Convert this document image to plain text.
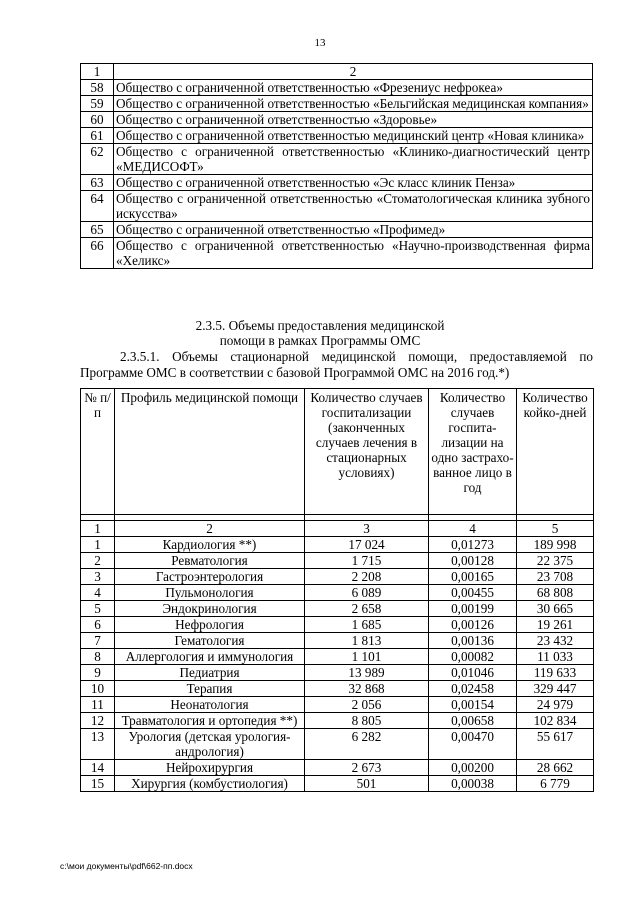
13
1	2
58	Общество с ограниченной ответственностью «Фрезениус нефрокеа»
59	Общество с ограниченной ответственностью «Бельгийская медицинская компания»
60	Общество с ограниченной ответственностью «Здоровье»
61	Общество с ограниченной ответственностью медицинский центр «Новая клиника»
62	Общество с ограниченной ответственностью «Клинико-диагностический центр «МЕДИСОФТ»
63	Общество с ограниченной ответственностью «Эс класс клиник Пенза»
64	Общество с ограниченной ответственностью «Стоматологическая клиника зубного искусства»
65	Общество с ограниченной ответственностью «Профимед»
66	Общество с ограниченной ответственностью «Научно-производственная фирма «Хеликс»
2.3.5. Объемы предоставления медицинской
помощи в рамках Программы ОМС
2.3.5.1. Объемы стационарной медицинской помощи, предоставляемой по Программе ОМС в соответствии с базовой Программой ОМС на 2016 год.*)
№ п/п	Профиль медицинской помощи	Количество случаев госпитализации (законченных случаев лечения в стационарных условиях)	Количество случаев госпита-лизации на одно застрахо-ванное лицо в год	Количество койко-дней

1	2	3	4	5
1	Кардиология **)	17 024	0,01273	189 998
2	Ревматология	1 715	0,00128	22 375
3	Гастроэнтерология	2 208	0,00165	23 708
4	Пульмонология	6 089	0,00455	68 808
5	Эндокринология	2 658	0,00199	30 665
6	Нефрология	1 685	0,00126	19 261
7	Гематология	1 813	0,00136	23 432
8	Аллергология и иммунология	1 101	0,00082	11 033
9	Педиатрия	13 989	0,01046	119 633
10	Терапия	32 868	0,02458	329 447
11	Неонатология	2 056	0,00154	24 979
12	Травматология и ортопедия **)	8 805	0,00658	102 834
13	Урология (детская урология-андрология)	6 282	0,00470	55 617
14	Нейрохирургия	2 673	0,00200	28 662
15	Хирургия (комбустиология)	501	0,00038	6 779
c:\мои документы\pdf\662-пп.docx
